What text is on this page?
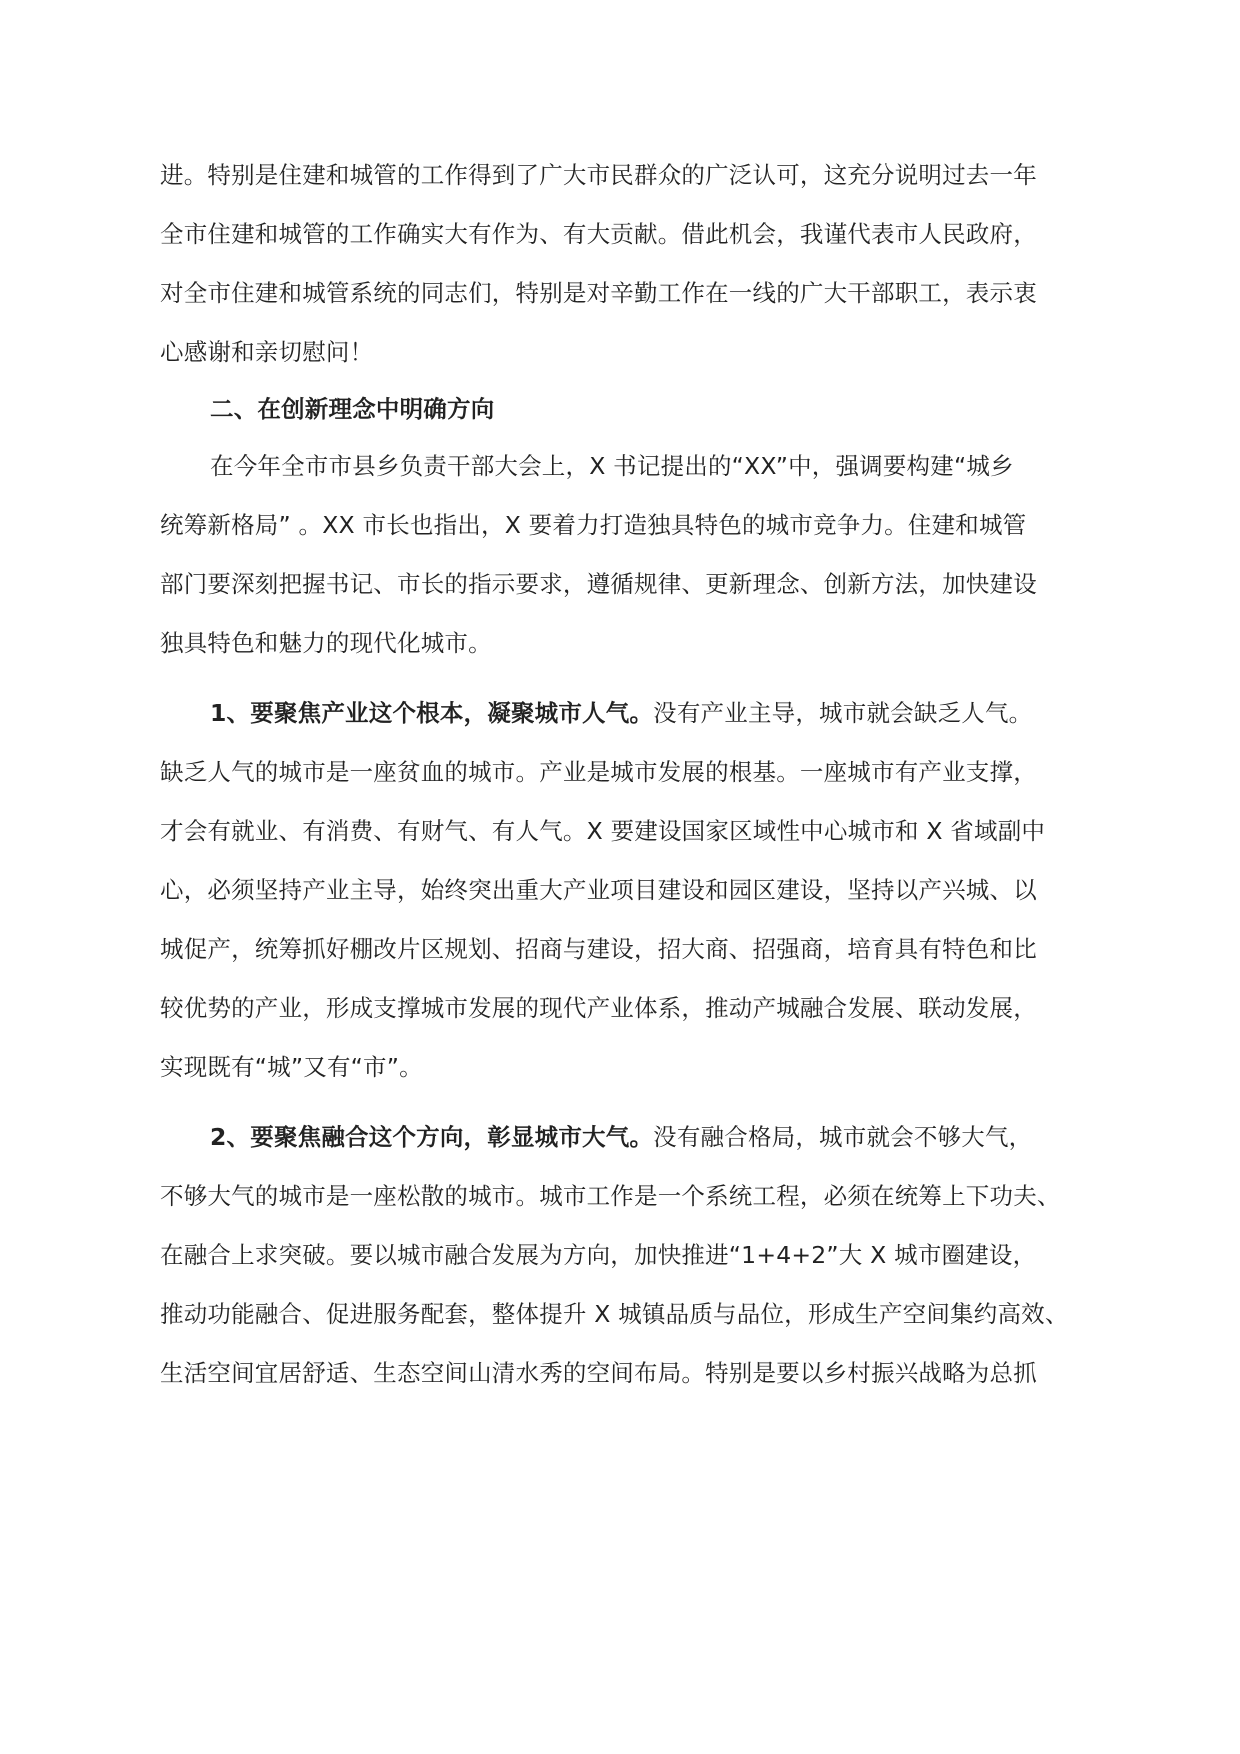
进。特别是住建和城管的工作得到了广大市民群众的广泛认可，这充分说明过去一年
全市住建和城管的工作确实大有作为、有大贡献。借此机会，我谨代表市人民政府，
对全市住建和城管系统的同志们，特别是对辛勤工作在一线的广大干部职工，表示衷
心感谢和亲切慰问！
二、在创新理念中明确方向
在今年全市市县乡负责干部大会上，X 书记提出的“XX”中，强调要构建“城乡
统筹新格局” 。XX 市长也指出，X 要着力打造独具特色的城市竞争力。住建和城管
部门要深刻把握书记、市长的指示要求，遵循规律、更新理念、创新方法，加快建设
独具特色和魅力的现代化城市。
1、要聚焦产业这个根本，凝聚城市人气。没有产业主导，城市就会缺乏人气。
缺乏人气的城市是一座贫血的城市。产业是城市发展的根基。一座城市有产业支撑，
才会有就业、有消费、有财气、有人气。X 要建设国家区域性中心城市和 X 省域副中
心，必须坚持产业主导，始终突出重大产业项目建设和园区建设，坚持以产兴城、以
城促产，统筹抓好棚改片区规划、招商与建设，招大商、招强商，培育具有特色和比
较优势的产业，形成支撑城市发展的现代产业体系，推动产城融合发展、联动发展，
实现既有“城”又有“市”。
2、要聚焦融合这个方向，彰显城市大气。没有融合格局，城市就会不够大气，
不够大气的城市是一座松散的城市。城市工作是一个系统工程，必须在统筹上下功夫、
在融合上求突破。要以城市融合发展为方向，加快推进“1+4+2”大 X 城市圈建设，
推动功能融合、促进服务配套，整体提升 X 城镇品质与品位，形成生产空间集约高效、
生活空间宜居舒适、生态空间山清水秀的空间布局。特别是要以乡村振兴战略为总抓
